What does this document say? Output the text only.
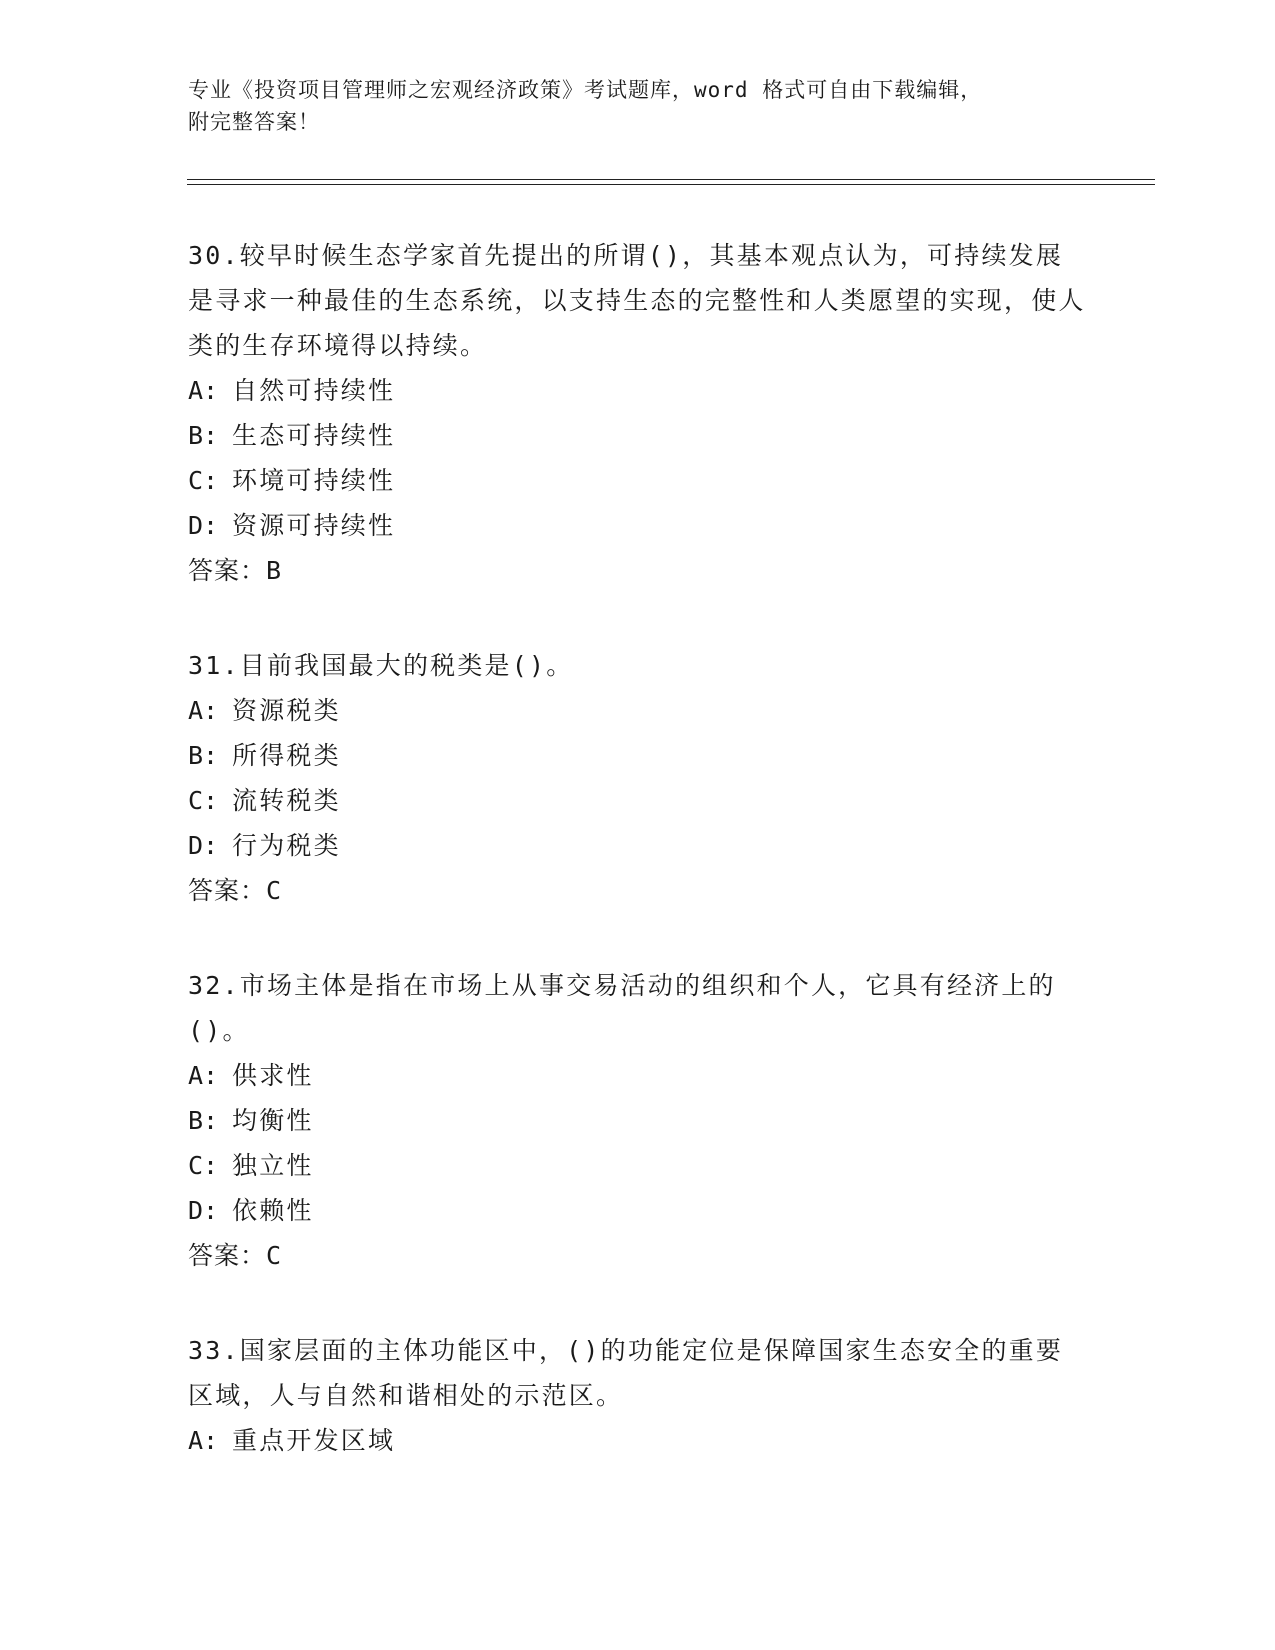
专业《投资项目管理师之宏观经济政策》考试题库，word 格式可自由下载编辑，
附完整答案！

30.较早时候生态学家首先提出的所谓()，其基本观点认为，可持续发展是寻求一种最佳的生态系统，以支持生态的完整性和人类愿望的实现，使人类的生存环境得以持续。

A: 自然可持续性
B: 生态可持续性
C: 环境可持续性
D: 资源可持续性
答案：B

31.目前我国最大的税类是()。

A: 资源税类
B: 所得税类
C: 流转税类
D: 行为税类
答案：C

32.市场主体是指在市场上从事交易活动的组织和个人，它具有经济上的()。

A: 供求性
B: 均衡性
C: 独立性
D: 依赖性
答案：C

33.国家层面的主体功能区中，()的功能定位是保障国家生态安全的重要区域，人与自然和谐相处的示范区。

A: 重点开发区域
